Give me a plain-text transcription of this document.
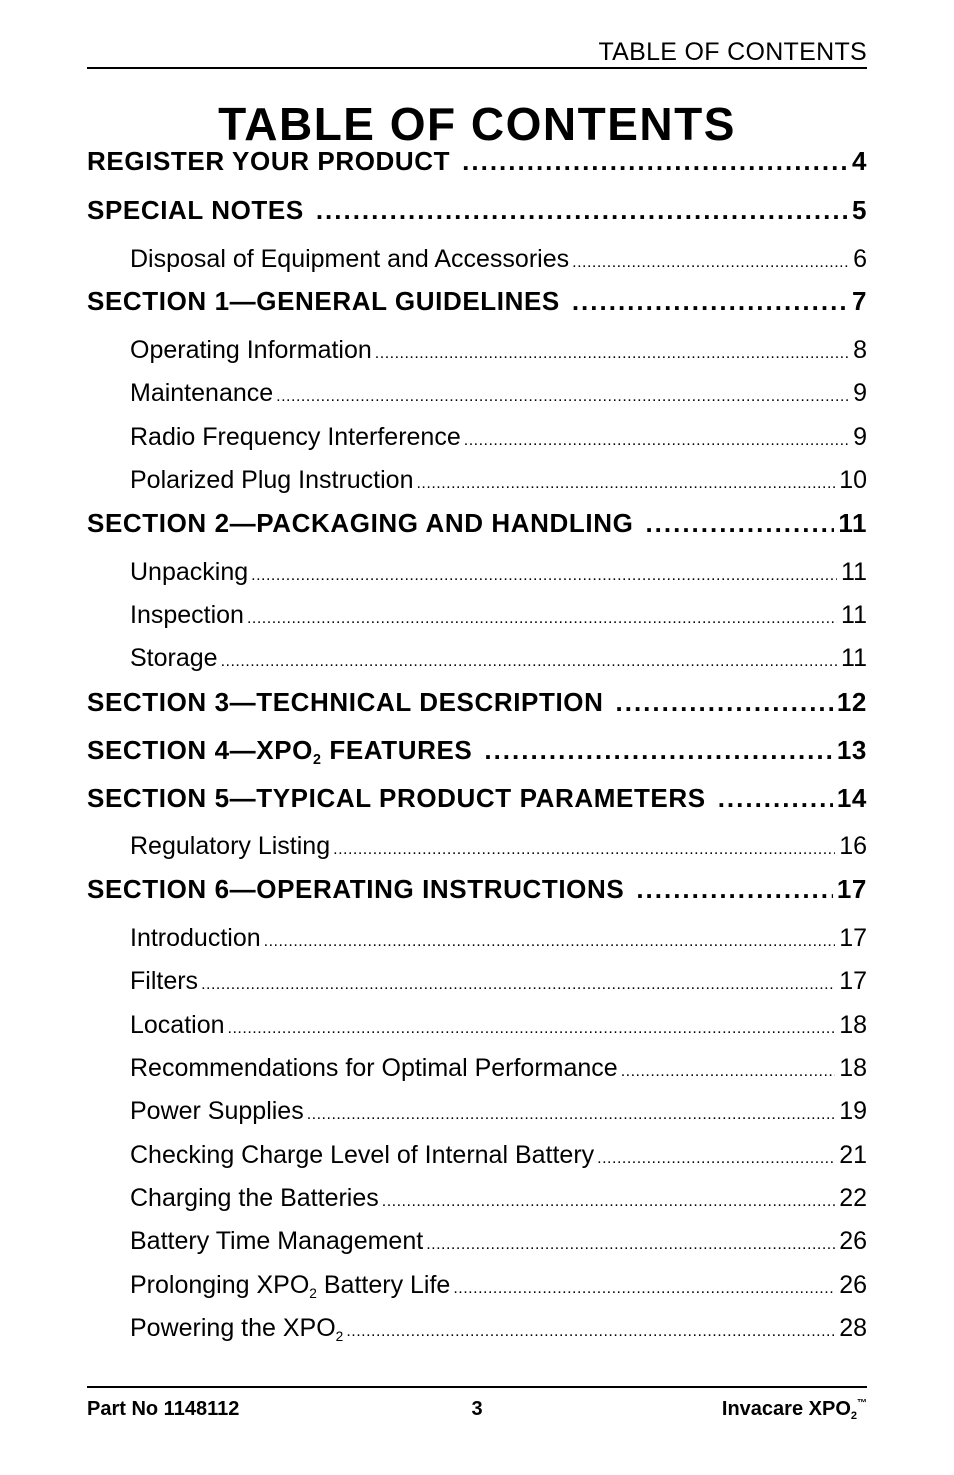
TABLE OF CONTENTS
TABLE OF CONTENTS
REGISTER YOUR PRODUCT .....	4
SPECIAL NOTES .....	5
Disposal of Equipment and Accessories .....	6
SECTION 1—GENERAL GUIDELINES .....	7
Operating Information .....	8
Maintenance .....	9
Radio Frequency Interference .....	9
Polarized Plug Instruction .....	10
SECTION 2—PACKAGING AND HANDLING .....	11
Unpacking .....	11
Inspection .....	11
Storage .....	11
SECTION 3—TECHNICAL DESCRIPTION .....	12
SECTION $4—XPO_2$ FEATURES .....	13
SECTION 5—TYPICAL PRODUCT PARAMETERS .....	14
Regulatory Listing .....	16
SECTION 6—OPERATING INSTRUCTIONS .....	17
Introduction .....	17
Filters .....	17
Location .....	18
Recommendations for Optimal Performance .....	18
Power Supplies .....	19
Checking Charge Level of Internal Battery .....	21
Charging the Batteries .....	22
Battery Time Management .....	26
Prolonging $XPO_2$ Battery Life .....	26
Powering the $XPO_2$ .....	28
Part No 1148112	3	Invacare $XPO_2™$
